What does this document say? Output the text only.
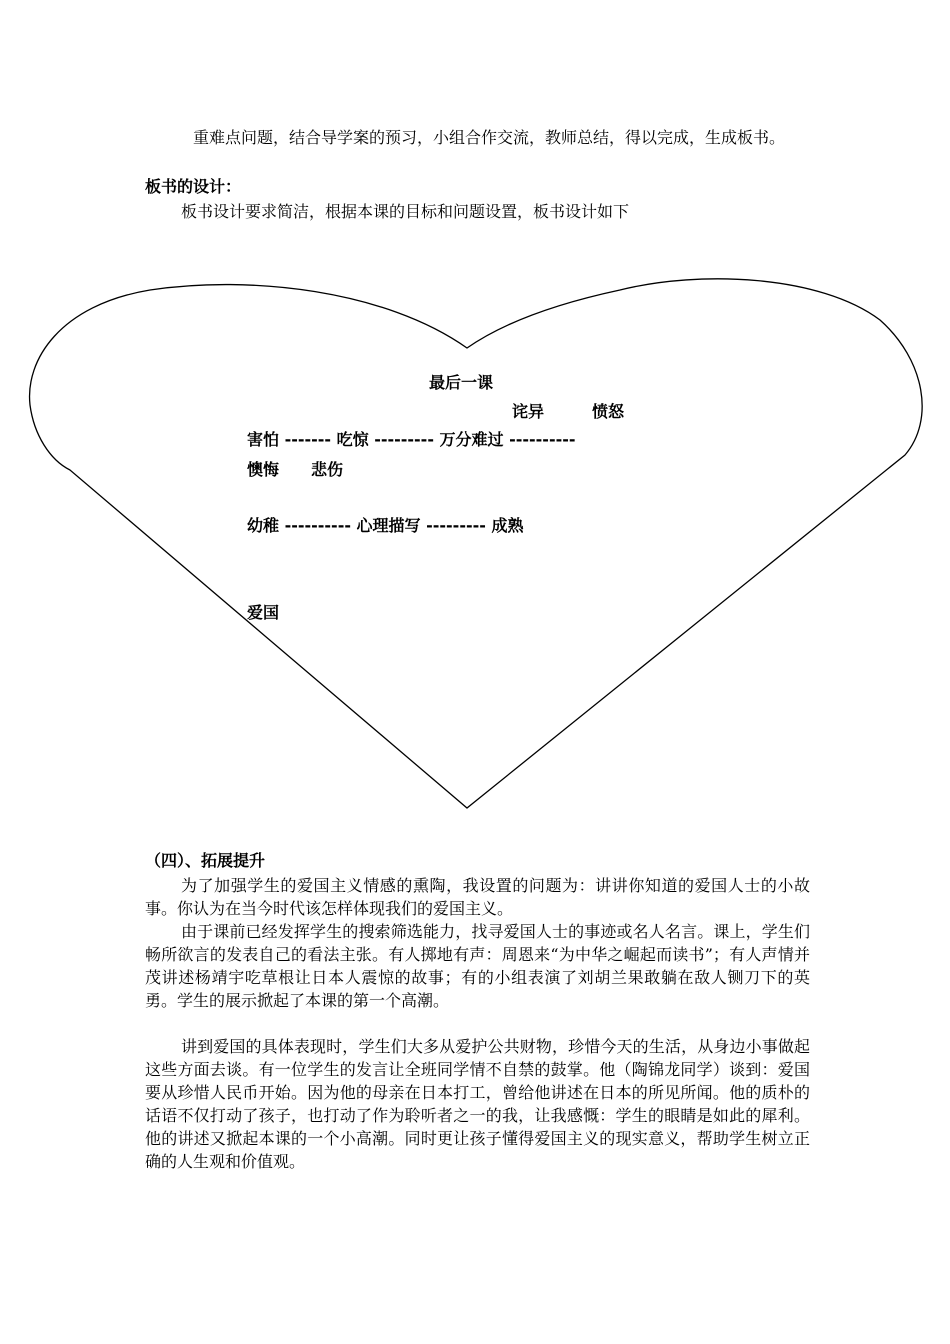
重难点问题，结合导学案的预习，小组合作交流，教师总结，得以完成，生成板书。
板书的设计：
板书设计要求简洁，根据本课的目标和问题设置，板书设计如下
最后一课
诧异　　　愤怒
害怕 ------- 吃惊 --------- 万分难过 ----------
懊悔　　悲伤
幼稚 ---------- 心理描写 --------- 成熟
爱国
（四）、拓展提升
为了加强学生的爱国主义情感的熏陶，我设置的问题为：讲讲你知道的爱国人士的小故事。你认为在当今时代该怎样体现我们的爱国主义。
由于课前已经发挥学生的搜索筛选能力，找寻爱国人士的事迹或名人名言。课上，学生们畅所欲言的发表自己的看法主张。有人掷地有声：周恩来“为中华之崛起而读书”；有人声情并茂讲述杨靖宇吃草根让日本人震惊的故事；有的小组表演了刘胡兰果敢躺在敌人铡刀下的英勇。学生的展示掀起了本课的第一个高潮。
讲到爱国的具体表现时，学生们大多从爱护公共财物，珍惜今天的生活，从身边小事做起这些方面去谈。有一位学生的发言让全班同学情不自禁的鼓掌。他（陶锦龙同学）谈到：爱国要从珍惜人民币开始。因为他的母亲在日本打工，曾给他讲述在日本的所见所闻。他的质朴的话语不仅打动了孩子，也打动了作为聆听者之一的我，让我感慨：学生的眼睛是如此的犀利。他的讲述又掀起本课的一个小高潮。同时更让孩子懂得爱国主义的现实意义，帮助学生树立正确的人生观和价值观。
